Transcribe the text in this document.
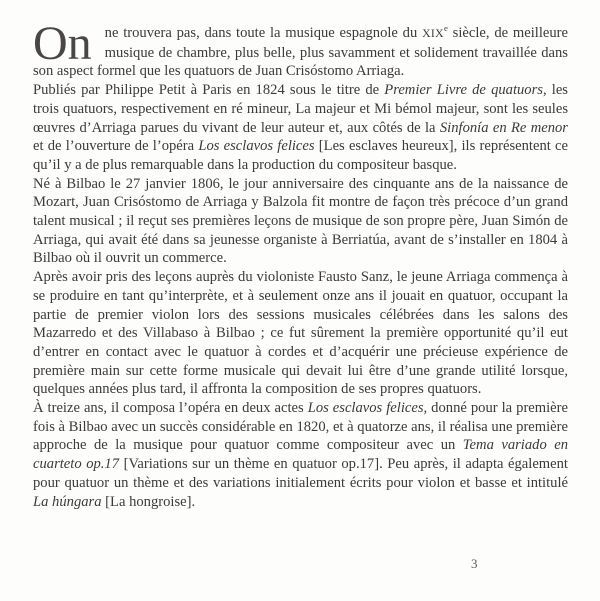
On ne trouvera pas, dans toute la musique espagnole du XIXe siècle, de meilleure musique de chambre, plus belle, plus savamment et solidement travaillée dans son aspect formel que les quatuors de Juan Crisóstomo Arriaga.

Publiés par Philippe Petit à Paris en 1824 sous le titre de Premier Livre de quatuors, les trois quatuors, respectivement en ré mineur, La majeur et Mi bémol majeur, sont les seules œuvres d’Arriaga parues du vivant de leur auteur et, aux côtés de la Sinfonía en Re menor et de l’ouverture de l’opéra Los esclavos felices [Les esclaves heureux], ils représentent ce qu’il y a de plus remarquable dans la production du compositeur basque.

Né à Bilbao le 27 janvier 1806, le jour anniversaire des cinquante ans de la naissance de Mozart, Juan Crisóstomo de Arriaga y Balzola fit montre de façon très précoce d’un grand talent musical ; il reçut ses premières leçons de musique de son propre père, Juan Simón de Arriaga, qui avait été dans sa jeunesse organiste à Berriatúa, avant de s’installer en 1804 à Bilbao où il ouvrit un commerce.

Après avoir pris des leçons auprès du violoniste Fausto Sanz, le jeune Arriaga commença à se produire en tant qu’interprète, et à seulement onze ans il jouait en quatuor, occupant la partie de premier violon lors des sessions musicales célébrées dans les salons des Mazarredo et des Villabaso à Bilbao ; ce fut sûrement la première opportunité qu’il eut d’entrer en contact avec le quatuor à cordes et d’acquérir une précieuse expérience de première main sur cette forme musicale qui devait lui être d’une grande utilité lorsque, quelques années plus tard, il affronta la composition de ses propres quatuors.

À treize ans, il composa l’opéra en deux actes Los esclavos felices, donné pour la première fois à Bilbao avec un succès considérable en 1820, et à quatorze ans, il réalisa une première approche de la musique pour quatuor comme compositeur avec un Tema variado en cuarteto op.17 [Variations sur un thème en quatuor op.17]. Peu après, il adapta également pour quatuor un thème et des variations initialement écrits pour violon et basse et intitulé La húngara [La hongroise].

3
